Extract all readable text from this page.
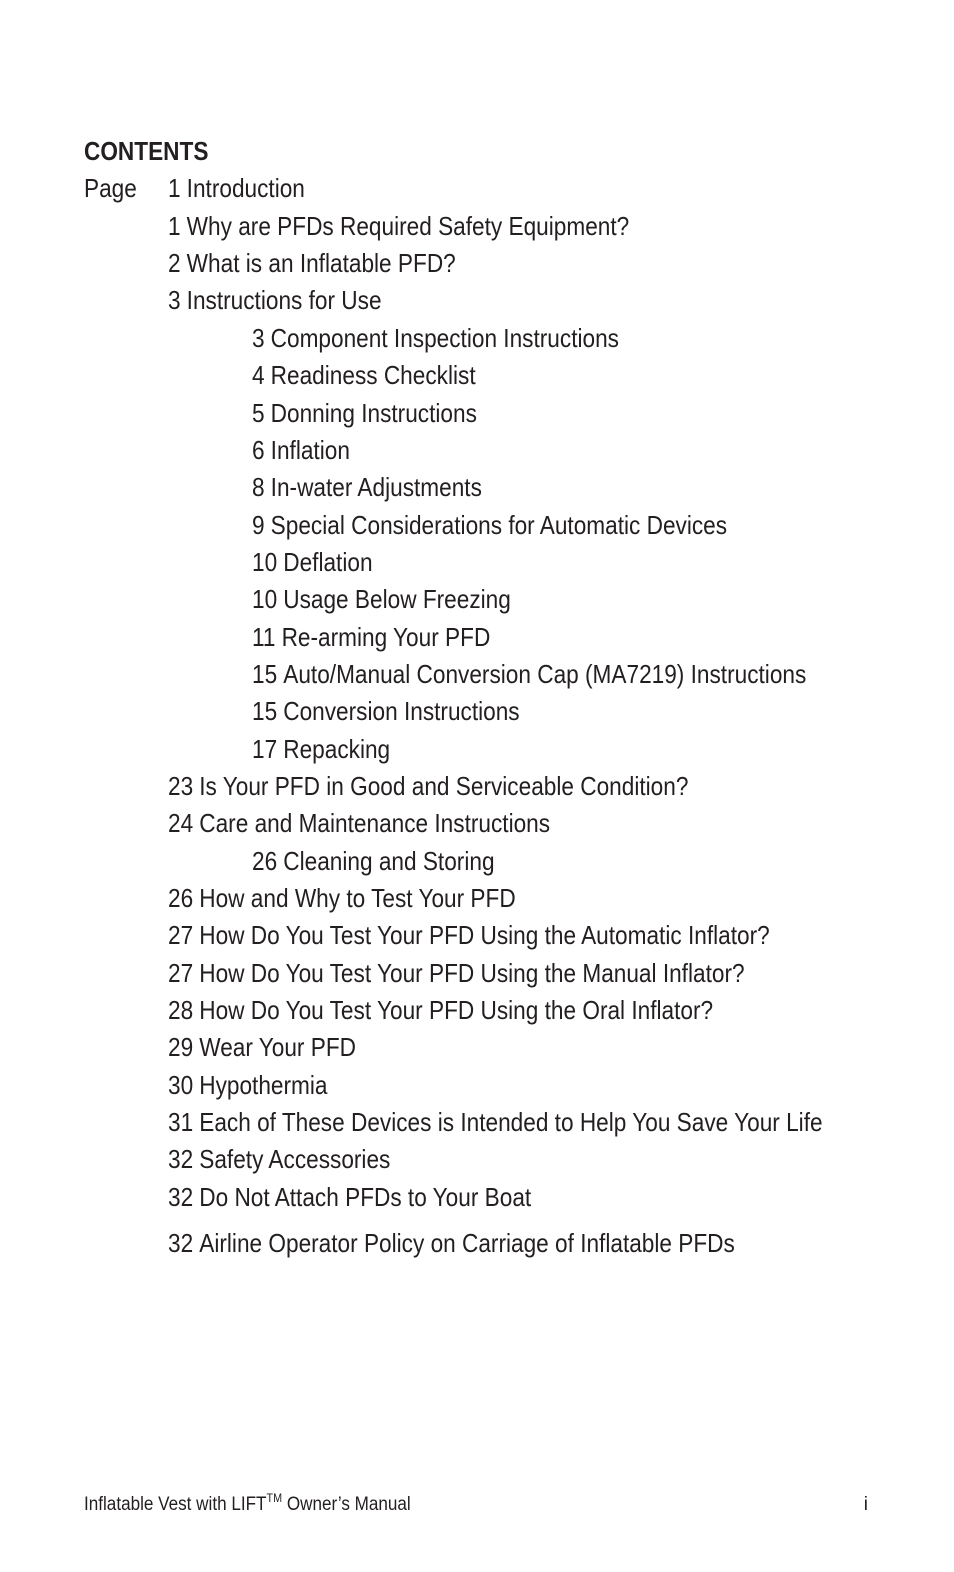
CONTENTS
Page 1 Introduction
1 Why are PFDs Required Safety Equipment?
2 What is an Inflatable PFD?
3 Instructions for Use
3 Component Inspection Instructions
4 Readiness Checklist
5 Donning Instructions
6 Inflation
8 In-water Adjustments
9 Special Considerations for Automatic Devices
10 Deflation
10 Usage Below Freezing
11 Re-arming Your PFD
15 Auto/Manual Conversion Cap (MA7219) Instructions
15 Conversion Instructions
17 Repacking
23 Is Your PFD in Good and Serviceable Condition?
24 Care and Maintenance Instructions
26 Cleaning and Storing
26 How and Why to Test Your PFD
27 How Do You Test Your PFD Using the Automatic Inflator?
27 How Do You Test Your PFD Using the Manual Inflator?
28 How Do You Test Your PFD Using the Oral Inflator?
29 Wear Your PFD
30 Hypothermia
31 Each of These Devices is Intended to Help You Save Your Life
32 Safety Accessories
32 Do Not Attach PFDs to Your Boat
32 Airline Operator Policy on Carriage of Inflatable PFDs
Inflatable Vest with LIFT™ Owner’s Manual	i
